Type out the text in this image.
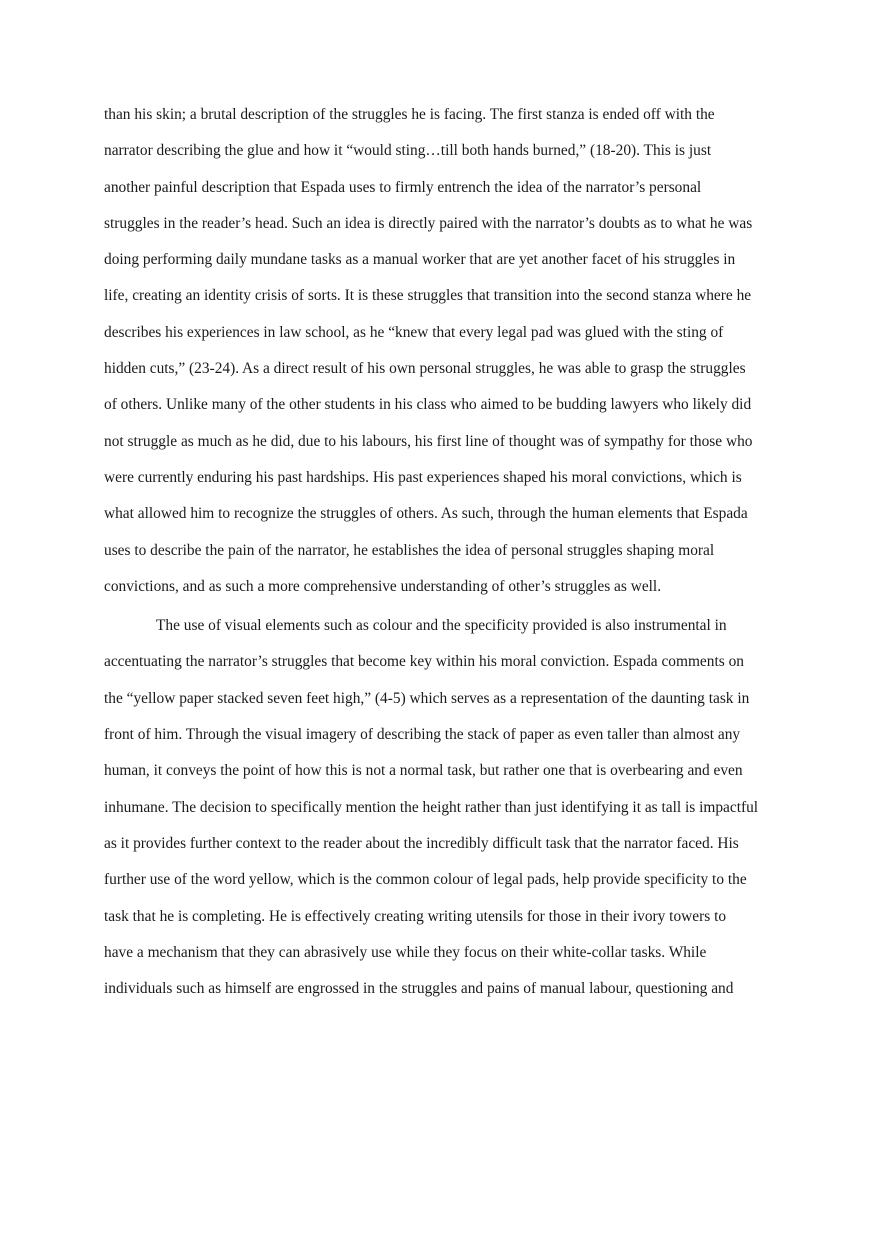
than his skin; a brutal description of the struggles he is facing. The first stanza is ended off with the
narrator describing the glue and how it “would sting…till both hands burned,” (18-20). This is just
another painful description that Espada uses to firmly entrench the idea of the narrator’s personal
struggles in the reader’s head. Such an idea is directly paired with the narrator’s doubts as to what he was
doing performing daily mundane tasks as a manual worker that are yet another facet of his struggles in
life, creating an identity crisis of sorts. It is these struggles that transition into the second stanza where he
describes his experiences in law school, as he “knew that every legal pad was glued with the sting of
hidden cuts,” (23-24). As a direct result of his own personal struggles, he was able to grasp the struggles
of others. Unlike many of the other students in his class who aimed to be budding lawyers who likely did
not struggle as much as he did, due to his labours, his first line of thought was of sympathy for those who
were currently enduring his past hardships. His past experiences shaped his moral convictions, which is
what allowed him to recognize the struggles of others. As such, through the human elements that Espada
uses to describe the pain of the narrator, he establishes the idea of personal struggles shaping moral
convictions, and as such a more comprehensive understanding of other’s struggles as well.
The use of visual elements such as colour and the specificity provided is also instrumental in
accentuating the narrator’s struggles that become key within his moral conviction. Espada comments on
the “yellow paper stacked seven feet high,” (4-5) which serves as a representation of the daunting task in
front of him. Through the visual imagery of describing the stack of paper as even taller than almost any
human, it conveys the point of how this is not a normal task, but rather one that is overbearing and even
inhumane. The decision to specifically mention the height rather than just identifying it as tall is impactful
as it provides further context to the reader about the incredibly difficult task that the narrator faced. His
further use of the word yellow, which is the common colour of legal pads, help provide specificity to the
task that he is completing. He is effectively creating writing utensils for those in their ivory towers to
have a mechanism that they can abrasively use while they focus on their white-collar tasks. While
individuals such as himself are engrossed in the struggles and pains of manual labour, questioning and
